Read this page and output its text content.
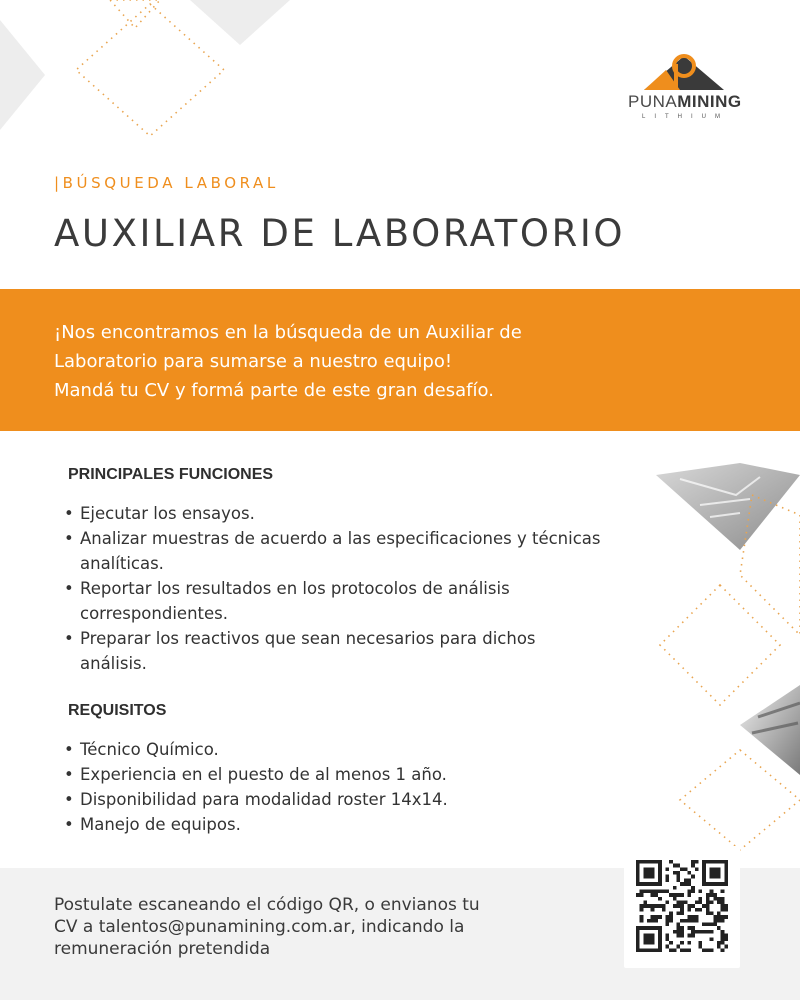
PUNAMINING
LITHIUM
|BÚSQUEDA LABORAL
AUXILIAR DE LABORATORIO
¡Nos encontramos en la búsqueda de un Auxiliar de
Laboratorio para sumarse a nuestro equipo!
Mandá tu CV y formá parte de este gran desafío.
PRINCIPALES FUNCIONES
• Ejecutar los ensayos.
• Analizar muestras de acuerdo a las especificaciones y técnicas analíticas.
• Reportar los resultados en los protocolos de análisis correspondientes.
• Preparar los reactivos que sean necesarios para dichos análisis.
REQUISITOS
• Técnico Químico.
• Experiencia en el puesto de al menos 1 año.
• Disponibilidad para modalidad roster 14x14.
• Manejo de equipos.
Postulate escaneando el código QR, o envianos tu
CV a talentos@punamining.com.ar, indicando la
remuneración pretendida
